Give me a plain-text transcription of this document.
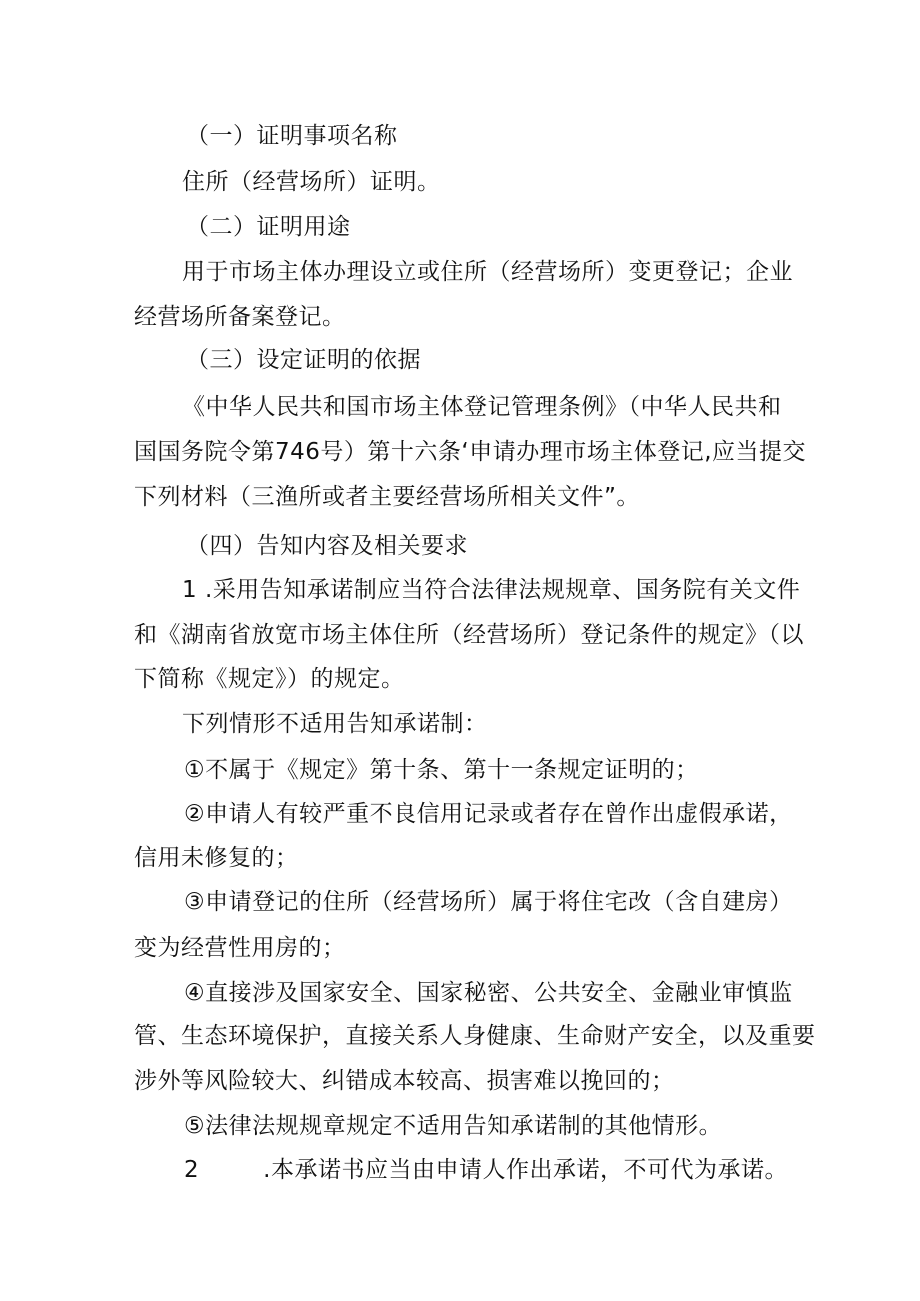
（一）证明事项名称
住所（经营场所）证明。
（二）证明用途
用于市场主体办理设立或住所（经营场所）变更登记；企业
经营场所备案登记。
（三）设定证明的依据
《中华人民共和国市场主体登记管理条例》（中华人民共和
国国务院令第746号）第十六条‘申请办理市场主体登记,应当提交
下列材料（三渔所或者主要经营场所相关文件”。
（四）告知内容及相关要求
1 .采用告知承诺制应当符合法律法规规章、国务院有关文件
和《湖南省放宽市场主体住所（经营场所）登记条件的规定》（以
下简称《规定》）的规定。
下列情形不适用告知承诺制：
①不属于《规定》第十条、第十一条规定证明的；
②申请人有较严重不良信用记录或者存在曾作出虚假承诺，
信用未修复的；
③申请登记的住所（经营场所）属于将住宅改（含自建房）
变为经营性用房的；
④直接涉及国家安全、国家秘密、公共安全、金融业审慎监
管、生态环境保护，直接关系人身健康、生命财产安全，以及重要
涉外等风险较大、纠错成本较高、损害难以挽回的；
⑤法律法规规章规定不适用告知承诺制的其他情形。
2	.本承诺书应当由申请人作出承诺，不可代为承诺。
